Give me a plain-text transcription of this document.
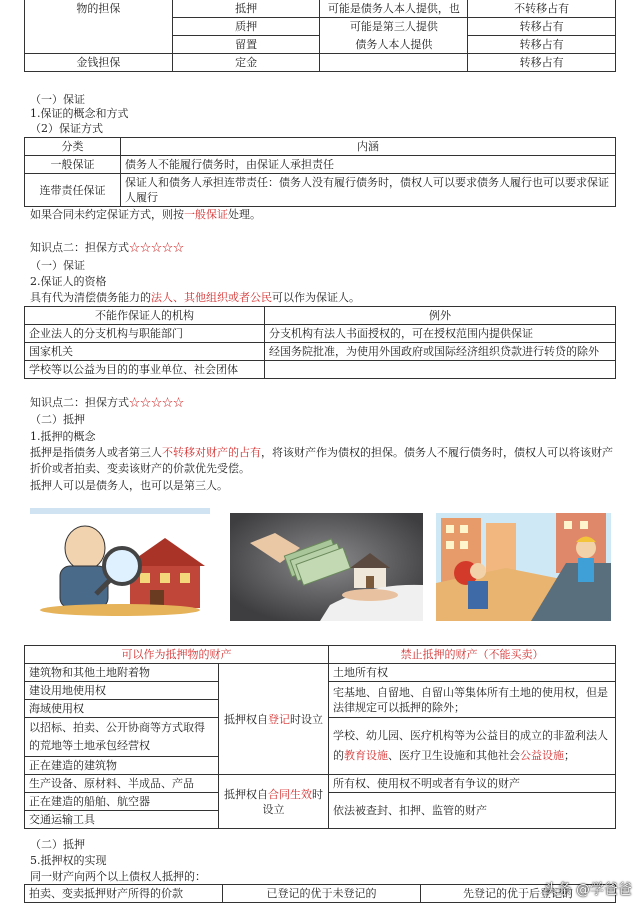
物的担保	抵押	可能是债务人本人提供，也	不转移占有
	质押	可能是第三人提供	转移占有
	留置	债务人本人提供	转移占有
金钱担保	定金		转移占有
（一）保证
1.保证的概念和方式
（2）保证方式
分类	内涵
一般保证	债务人不能履行债务时，由保证人承担责任
连带责任保证	保证人和债务人承担连带责任：债务人没有履行债务时，债权人可以要求债务人履行也可以要求保证人履行
如果合同未约定保证方式，则按一般保证处理。
知识点二：担保方式☆☆☆☆☆
（一）保证
2.保证人的资格
具有代为清偿债务能力的法人、其他组织或者公民可以作为保证人。
不能作保证人的机构	例外
企业法人的分支机构与职能部门	分支机构有法人书面授权的，可在授权范围内提供保证
国家机关	经国务院批准，为使用外国政府或国际经济组织贷款进行转贷的除外
学校等以公益为目的的事业单位、社会团体	
知识点二：担保方式☆☆☆☆☆
（二）抵押
1.抵押的概念
抵押是指债务人或者第三人不转移对财产的占有，将该财产作为债权的担保。债务人不履行债务时，债权人可以将该财产折价或者拍卖、变卖该财产的价款优先受偿。
抵押人可以是债务人，也可以是第三人。
可以作为抵押物的财产		禁止抵押的财产（不能买卖）
建筑物和其他土地附着物	抵押权自登记时设立	土地所有权
建设用地使用权		宅基地、自留地、自留山等集体所有土地的使用权，但是法律规定可以抵押的除外；
海域使用权		
以招标、拍卖、公开协商等方式取得的荒地等土地承包经营权		学校、幼儿园、医疗机构等为公益目的成立的非盈利法人的教育设施、医疗卫生设施和其他社会公益设施；
正在建造的建筑物		
生产设备、原材料、半成品、产品	抵押权自合同生效时设立	所有权、使用权不明或者有争议的财产
正在建造的船舶、航空器		依法被查封、扣押、监管的财产
交通运输工具		
（二）抵押
5.抵押权的实现
同一财产向两个以上债权人抵押的：
拍卖、变卖抵押财产所得的价款	已登记的优于未登记的	先登记的优于后登记的
头条 @学爸爸
